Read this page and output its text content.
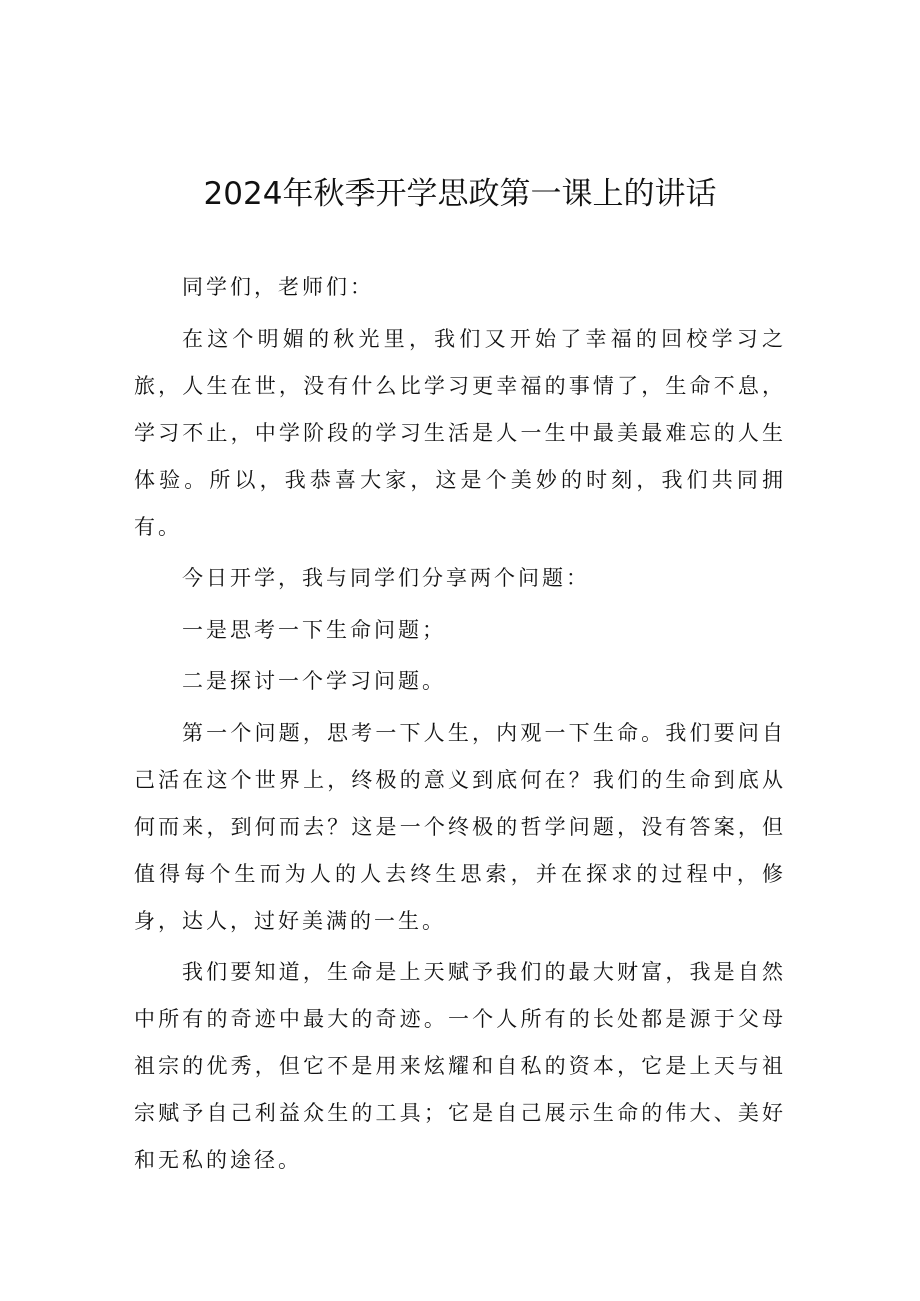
2024年秋季开学思政第一课上的讲话

同学们，老师们：

在这个明媚的秋光里，我们又开始了幸福的回校学习之旅，人生在世，没有什么比学习更幸福的事情了，生命不息，学习不止，中学阶段的学习生活是人一生中最美最难忘的人生体验。所以，我恭喜大家，这是个美妙的时刻，我们共同拥有。

今日开学，我与同学们分享两个问题：

一是思考一下生命问题；

二是探讨一个学习问题。

第一个问题，思考一下人生，内观一下生命。我们要问自己活在这个世界上，终极的意义到底何在？我们的生命到底从何而来，到何而去？这是一个终极的哲学问题，没有答案，但值得每个生而为人的人去终生思索，并在探求的过程中，修身，达人，过好美满的一生。

我们要知道，生命是上天赋予我们的最大财富，我是自然中所有的奇迹中最大的奇迹。一个人所有的长处都是源于父母祖宗的优秀，但它不是用来炫耀和自私的资本，它是上天与祖宗赋予自己利益众生的工具；它是自己展示生命的伟大、美好和无私的途径。
